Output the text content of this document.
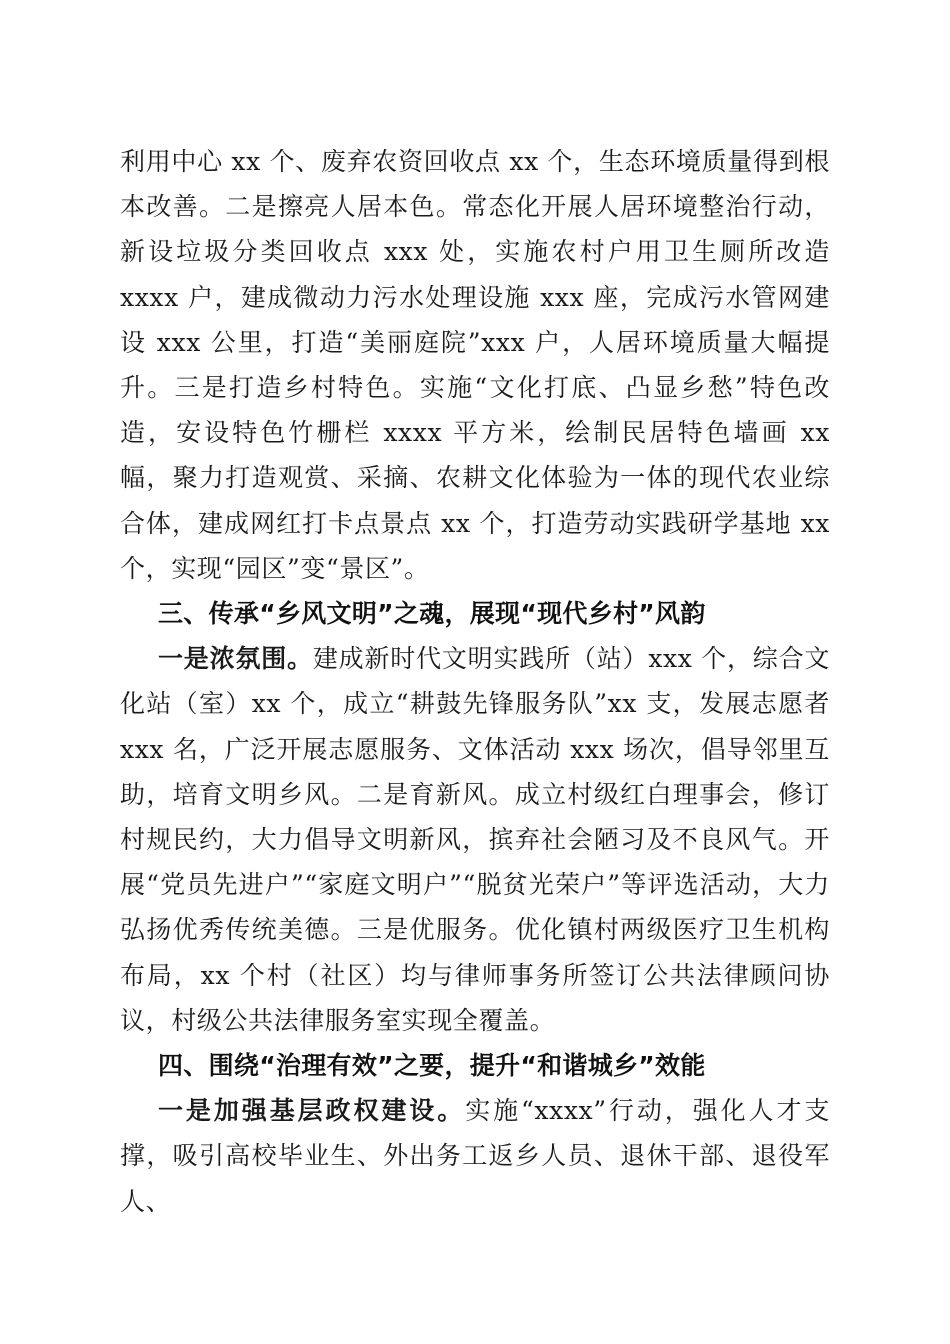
利用中心 xx 个、废弃农资回收点 xx 个，生态环境质量得到根本改善。二是擦亮人居本色。常态化开展人居环境整治行动，新设垃圾分类回收点 xxx 处，实施农村户用卫生厕所改造 xxxx 户，建成微动力污水处理设施 xxx 座，完成污水管网建设 xxx 公里，打造“美丽庭院”xxx 户，人居环境质量大幅提升。三是打造乡村特色。实施“文化打底、凸显乡愁”特色改造，安设特色竹栅栏 xxxx 平方米，绘制民居特色墙画 xx 幅，聚力打造观赏、采摘、农耕文化体验为一体的现代农业综合体，建成网红打卡点景点 xx 个，打造劳动实践研学基地 xx 个，实现“园区”变“景区”。

三、传承“乡风文明”之魂，展现“现代乡村”风韵

一是浓氛围。建成新时代文明实践所（站）xxx 个，综合文化站（室）xx 个，成立“耕鼓先锋服务队”xx 支，发展志愿者 xxx 名，广泛开展志愿服务、文体活动 xxx 场次，倡导邻里互助，培育文明乡风。二是育新风。成立村级红白理事会，修订村规民约，大力倡导文明新风，摈弃社会陋习及不良风气。开展“党员先进户”“家庭文明户”“脱贫光荣户”等评选活动，大力弘扬优秀传统美德。三是优服务。优化镇村两级医疗卫生机构布局，xx 个村（社区）均与律师事务所签订公共法律顾问协议，村级公共法律服务室实现全覆盖。

四、围绕“治理有效”之要，提升“和谐城乡”效能

一是加强基层政权建设。实施“xxxx”行动，强化人才支撑，吸引高校毕业生、外出务工返乡人员、退休干部、退役军人、
